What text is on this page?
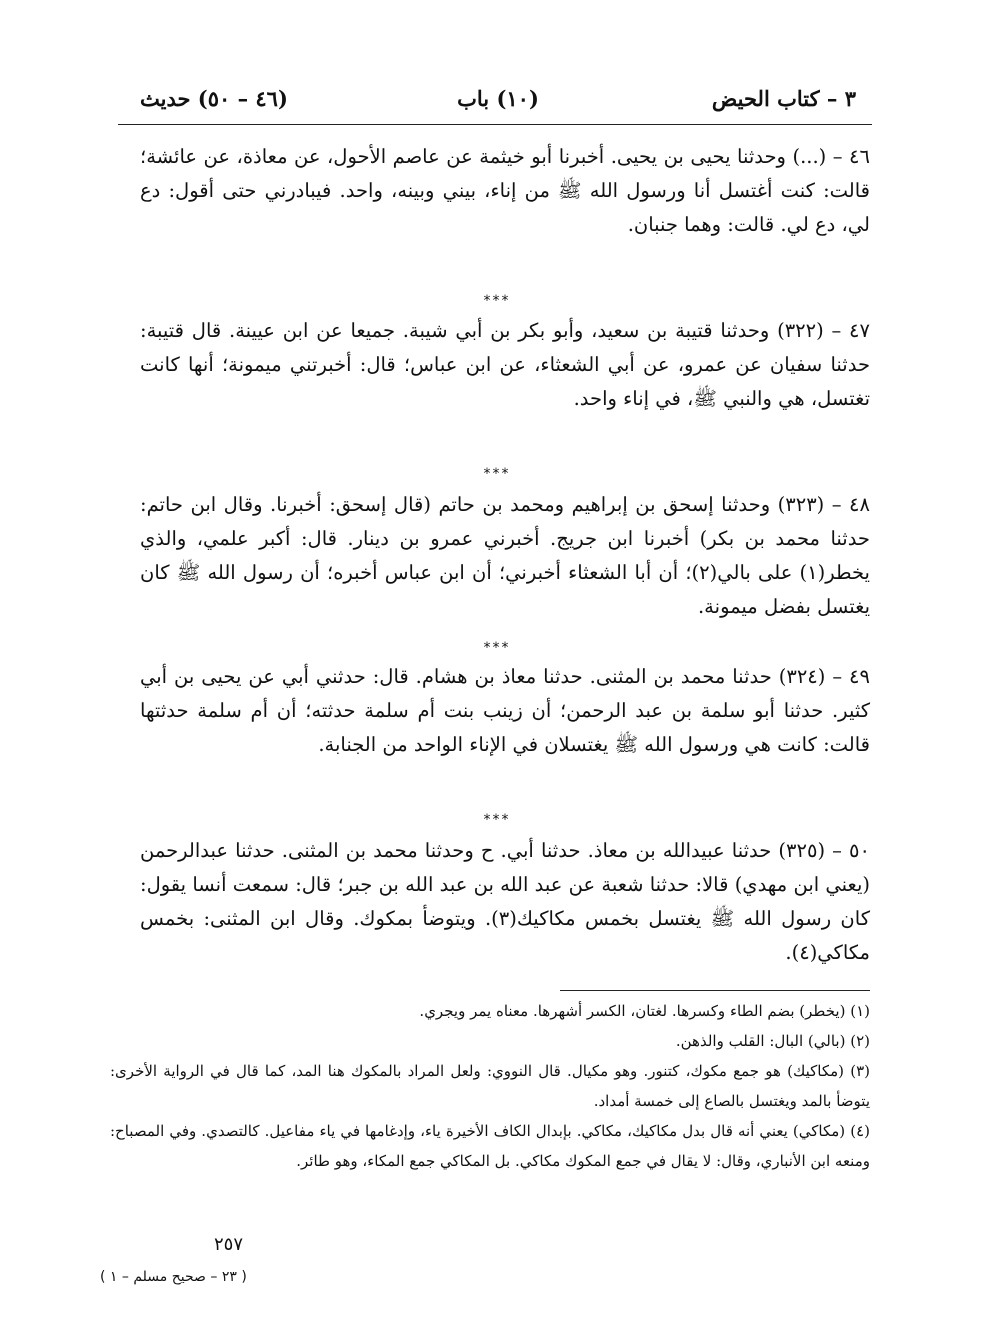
٣ – كتاب الحيض
(١٠) باب
(٤٦ – ٥٠) حديث

٤٦ – (...) وحدثنا يحيى بن يحيى. أخبرنا أبو خيثمة عن عاصم الأحول، عن معاذة، عن عائشة؛ قالت: كنت أغتسل أنا ورسول الله ﷺ من إناء، بيني وبينه، واحد. فيبادرني حتى أقول: دع لي، دع لي. قالت: وهما جنبان.

***

٤٧ – (٣٢٢) وحدثنا قتيبة بن سعيد، وأبو بكر بن أبي شيبة. جميعا عن ابن عيينة. قال قتيبة: حدثنا سفيان عن عمرو، عن أبي الشعثاء، عن ابن عباس؛ قال: أخبرتني ميمونة؛ أنها كانت تغتسل، هي والنبي ﷺ، في إناء واحد.

***

٤٨ – (٣٢٣) وحدثنا إسحق بن إبراهيم ومحمد بن حاتم (قال إسحق: أخبرنا. وقال ابن حاتم: حدثنا محمد بن بكر) أخبرنا ابن جريج. أخبرني عمرو بن دينار. قال: أكبر علمي، والذي يخطر(١) على بالي(٢)؛ أن أبا الشعثاء أخبرني؛ أن ابن عباس أخبره؛ أن رسول الله ﷺ كان يغتسل بفضل ميمونة.

***

٤٩ – (٣٢٤) حدثنا محمد بن المثنى. حدثنا معاذ بن هشام. قال: حدثني أبي عن يحيى بن أبي كثير. حدثنا أبو سلمة بن عبد الرحمن؛ أن زينب بنت أم سلمة حدثته؛ أن أم سلمة حدثتها قالت: كانت هي ورسول الله ﷺ يغتسلان في الإناء الواحد من الجنابة.

***

٥٠ – (٣٢٥) حدثنا عبيدالله بن معاذ. حدثنا أبي. ح وحدثنا محمد بن المثنى. حدثنا عبدالرحمن (يعني ابن مهدي) قالا: حدثنا شعبة عن عبد الله بن عبد الله بن جبر؛ قال: سمعت أنسا يقول: كان رسول الله ﷺ يغتسل بخمس مكاكيك(٣). ويتوضأ بمكوك. وقال ابن المثنى: بخمس مكاكي(٤).

(١) (يخطر) بضم الطاء وكسرها. لغتان، الكسر أشهرها. معناه يمر ويجري.

(٢) (بالي) البال: القلب والذهن.

(٣) (مكاكيك) هو جمع مكوك، كتنور. وهو مكيال. قال النووي: ولعل المراد بالمكوك هنا المد، كما قال في الرواية الأخرى: يتوضأ بالمد ويغتسل بالصاع إلى خمسة أمداد.

(٤) (مكاكي) يعني أنه قال بدل مكاكيك، مكاكي. بإبدال الكاف الأخيرة ياء، وإدغامها في ياء مفاعيل. كالتصدي. وفي المصباح: ومنعه ابن الأنباري، وقال: لا يقال في جمع المكوك مكاكي. بل المكاكي جمع المكاء، وهو طائر.

٢٥٧
( ٢٣ – صحيح مسلم – ١ )
